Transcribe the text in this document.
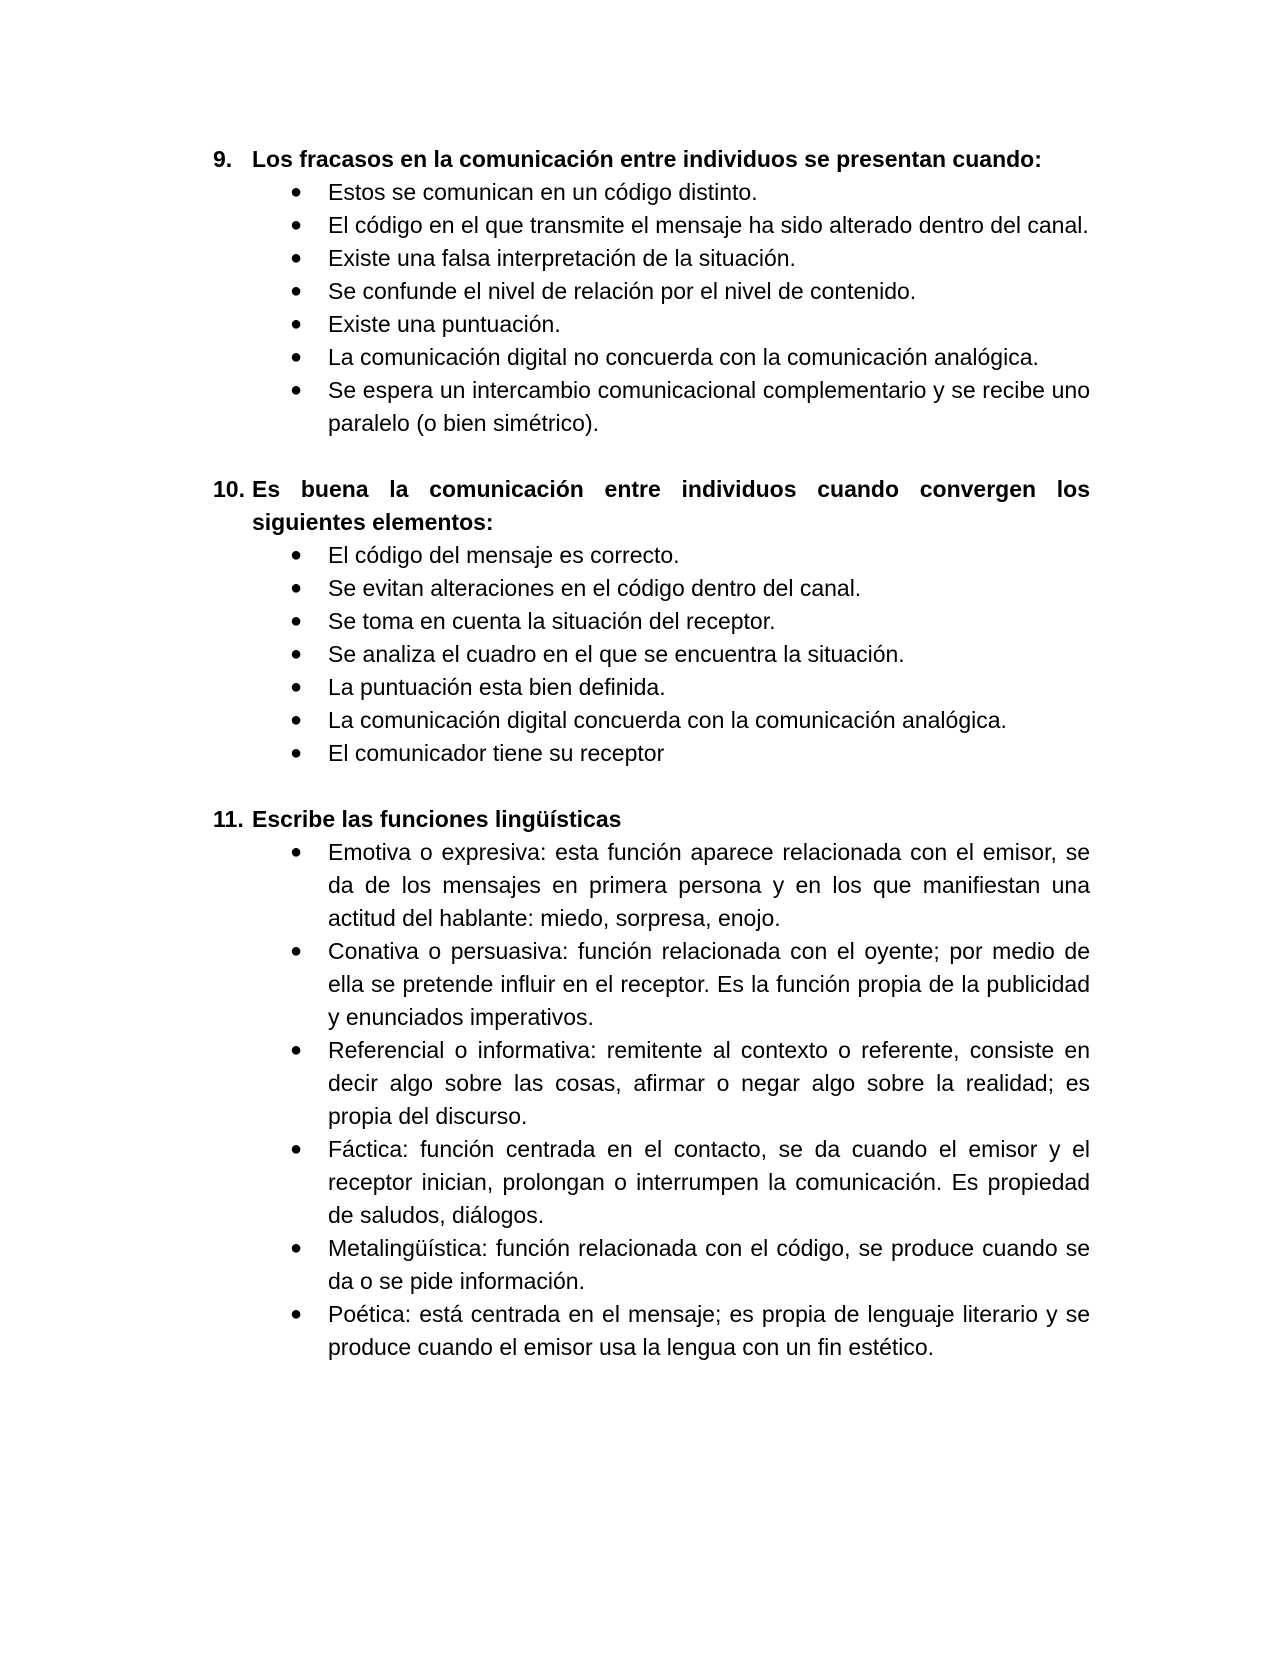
9. Los fracasos en la comunicación entre individuos se presentan cuando:
●	Estos se comunican en un código distinto.
●	El código en el que transmite el mensaje ha sido alterado dentro del canal.
●	Existe una falsa interpretación de la situación.
●	Se confunde el nivel de relación por el nivel de contenido.
●	Existe una puntuación.
●	La comunicación digital no concuerda con la comunicación analógica.
●	Se espera un intercambio comunicacional complementario y se recibe uno paralelo (o bien simétrico).
10. Es buena la comunicación entre individuos cuando convergen los siguientes elementos:
●	El código del mensaje es correcto.
●	Se evitan alteraciones en el código dentro del canal.
●	Se toma en cuenta la situación del receptor.
●	Se analiza el cuadro en el que se encuentra la situación.
●	La puntuación esta bien definida.
●	La comunicación digital concuerda con la comunicación analógica.
●	El comunicador tiene su receptor
11. Escribe las funciones lingüísticas
●	Emotiva o expresiva: esta función aparece relacionada con el emisor, se da de los mensajes en primera persona y en los que manifiestan una actitud del hablante: miedo, sorpresa, enojo.
●	Conativa o persuasiva: función relacionada con el oyente; por medio de ella se pretende influir en el receptor. Es la función propia de la publicidad y enunciados imperativos.
●	Referencial o informativa: remitente al contexto o referente, consiste en decir algo sobre las cosas, afirmar o negar algo sobre la realidad; es propia del discurso.
●	Fáctica: función centrada en el contacto, se da cuando el emisor y el receptor inician, prolongan o interrumpen la comunicación. Es propiedad de saludos, diálogos.
●	Metalingüística: función relacionada con el código, se produce cuando se da o se pide información.
●	Poética: está centrada en el mensaje; es propia de lenguaje literario y se produce cuando el emisor usa la lengua con un fin estético.
